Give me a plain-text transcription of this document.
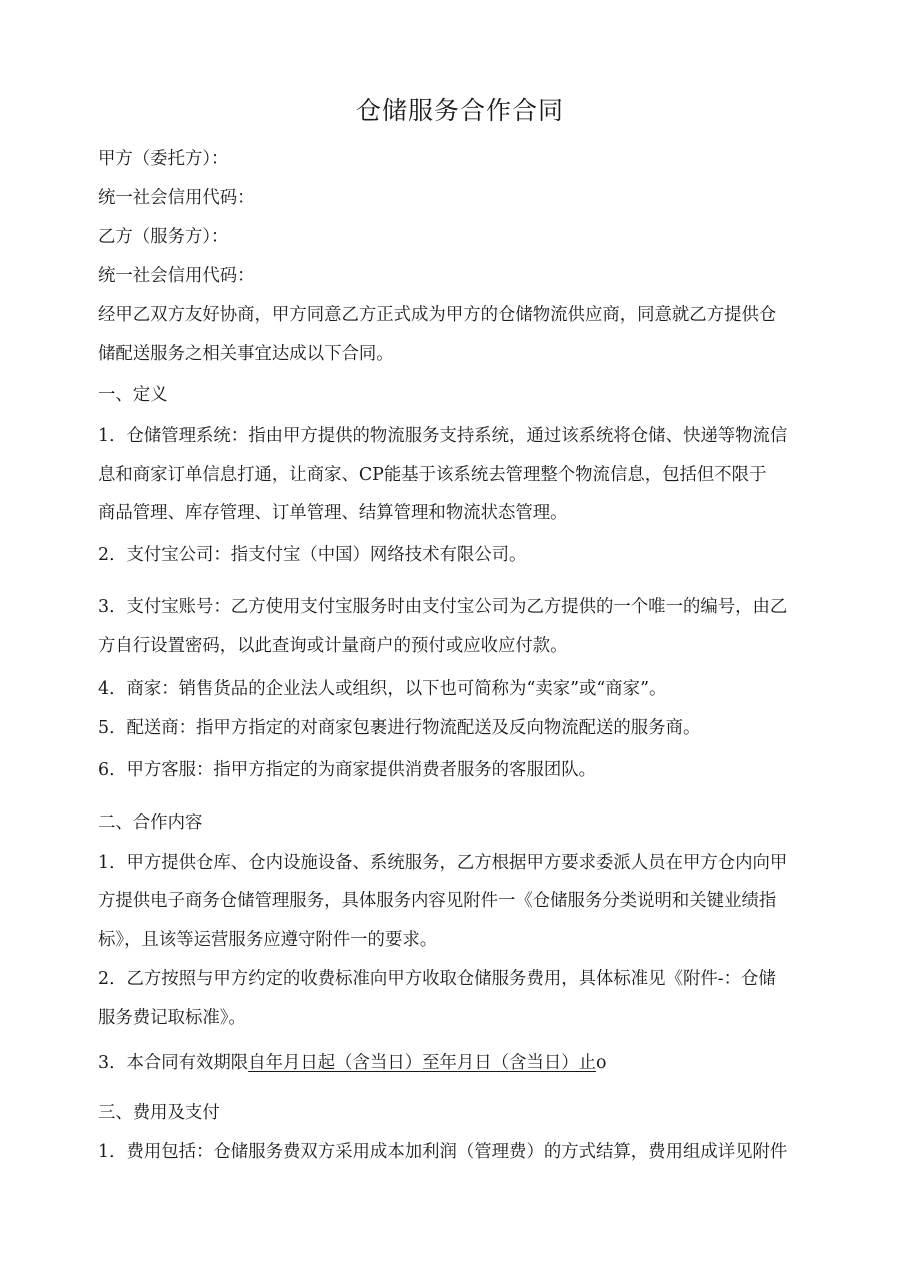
仓储服务合作合同
甲方（委托方）：
统一社会信用代码：
乙方（服务方）：
统一社会信用代码：
经甲乙双方友好协商，甲方同意乙方正式成为甲方的仓储物流供应商，同意就乙方提供仓
储配送服务之相关事宜达成以下合同。
一、定义
1．仓储管理系统：指由甲方提供的物流服务支持系统，通过该系统将仓储、快递等物流信
息和商家订单信息打通，让商家、CP能基于该系统去管理整个物流信息，包括但不限于
商品管理、库存管理、订单管理、结算管理和物流状态管理。
2．支付宝公司：指支付宝（中国）网络技术有限公司。
3．支付宝账号：乙方使用支付宝服务时由支付宝公司为乙方提供的一个唯一的编号，由乙
方自行设置密码，以此查询或计量商户的预付或应收应付款。
4．商家：销售货品的企业法人或组织，以下也可简称为“卖家”或“商家”。
5．配送商：指甲方指定的对商家包裹进行物流配送及反向物流配送的服务商。
6．甲方客服：指甲方指定的为商家提供消费者服务的客服团队。
二、合作内容
1．甲方提供仓库、仓内设施设备、系统服务，乙方根据甲方要求委派人员在甲方仓内向甲
方提供电子商务仓储管理服务，具体服务内容见附件一《仓储服务分类说明和关键业绩指
标》，且该等运营服务应遵守附件一的要求。
2．乙方按照与甲方约定的收费标准向甲方收取仓储服务费用，具体标准见《附件-：仓储
服务费记取标准》。
3．本合同有效期限自年月日起（含当日）至年月日（含当日）止o
三、费用及支付
1．费用包括：仓储服务费双方采用成本加利润（管理费）的方式结算，费用组成详见附件
